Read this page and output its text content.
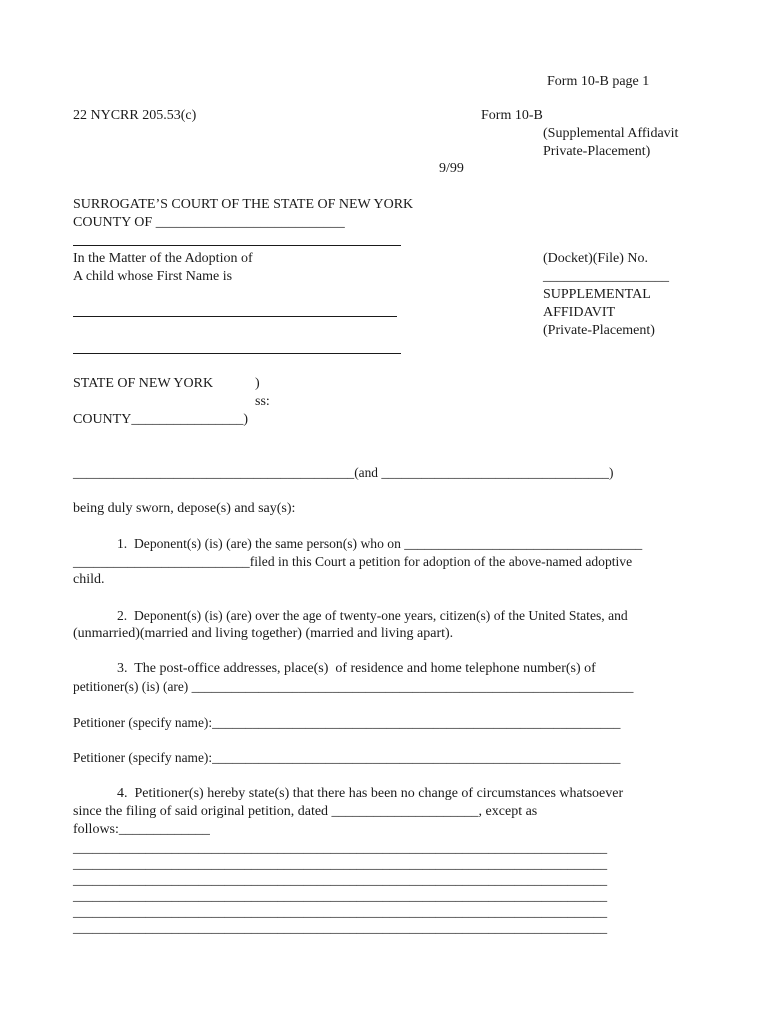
Form 10-B page 1
22 NYCRR 205.53(c)	Form 10-B
(Supplemental Affidavit
Private-Placement)
9/99
SURROGATE’S COURT OF THE STATE OF NEW YORK
COUNTY OF ___________________________
In the Matter of the Adoption of
A child whose First Name is
(Docket)(File) No.
__________________
SUPPLEMENTAL
AFFIDAVIT
(Private-Placement)
STATE OF NEW YORK	)
ss:
COUNTY________________)
__________________________________________(and __________________________________)
being duly sworn, depose(s) and say(s):
1.  Deponent(s) (is) (are) the same person(s) who on ___________________________________
__________________________filed in this Court a petition for adoption of the above-named adoptive
child.
2.  Deponent(s) (is) (are) over the age of twenty-one years, citizen(s) of the United States, and
(unmarried)(married and living together) (married and living apart).
3.  The post-office addresses, place(s)  of residence and home telephone number(s) of
petitioner(s) (is) (are) __________________________________________________________________
Petitioner (specify name):_____________________________________________________________
Petitioner (specify name):_____________________________________________________________
4.  Petitioner(s) hereby state(s) that there has been no change of circumstances whatsoever
since the filing of said original petition, dated _____________________, except as
follows:_____________
_________________________________________________________________________________
_________________________________________________________________________________
_________________________________________________________________________________
_________________________________________________________________________________
_________________________________________________________________________________
_________________________________________________________________________________
